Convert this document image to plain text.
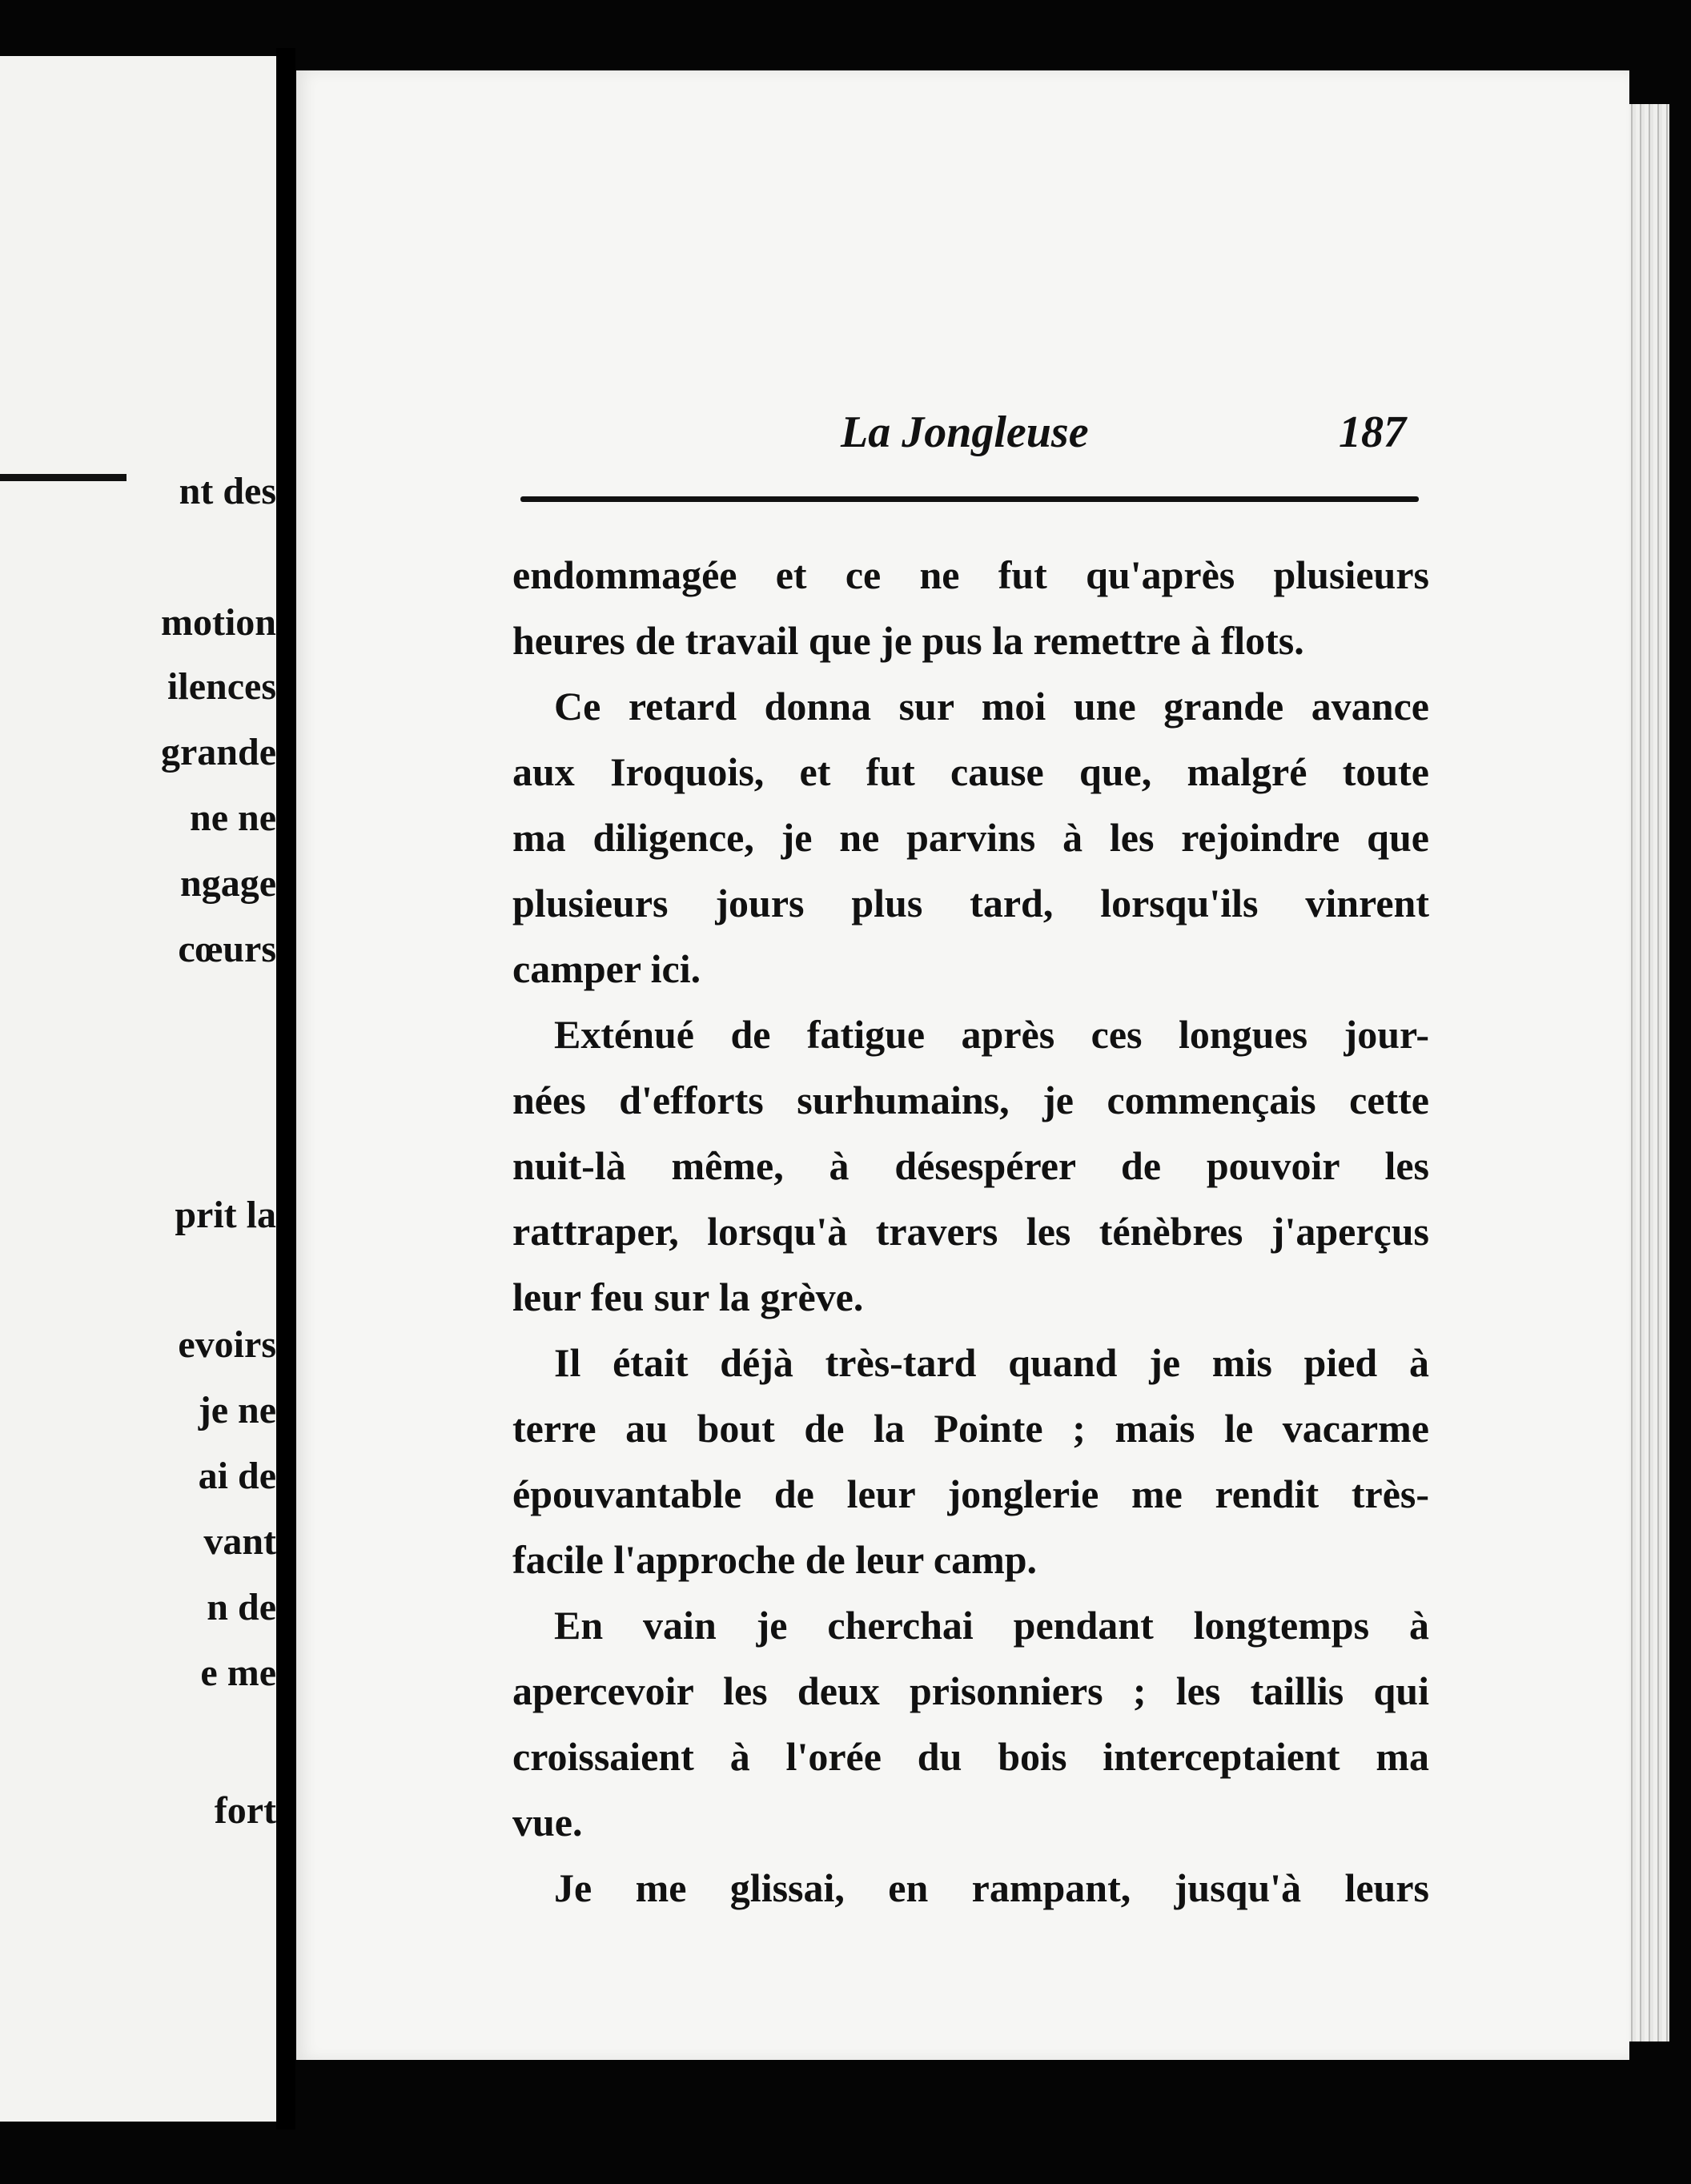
nt des
motion
ilences
grande
ne ne
ngage
cœurs
prit la
evoirs
je ne
ai de
vant
n de
e me
fort
La Jongleuse	187
endommagée et ce ne fut qu'après plusieurs
heures de travail que je pus la remettre à flots.
Ce retard donna sur moi une grande avance
aux Iroquois, et fut cause que, malgré toute
ma diligence, je ne parvins à les rejoindre que
plusieurs jours plus tard, lorsqu'ils vinrent
camper ici.
Exténué de fatigue après ces longues jour-
nées d'efforts surhumains, je commençais cette
nuit-là même, à désespérer de pouvoir les
rattraper, lorsqu'à travers les ténèbres j'aperçus
leur feu sur la grève.
Il était déjà très-tard quand je mis pied à
terre au bout de la Pointe ; mais le vacarme
épouvantable de leur jonglerie me rendit très-
facile l'approche de leur camp.
En vain je cherchai pendant longtemps à
apercevoir les deux prisonniers ; les taillis qui
croissaient à l'orée du bois interceptaient ma
vue.
Je me glissai, en rampant, jusqu'à leurs
